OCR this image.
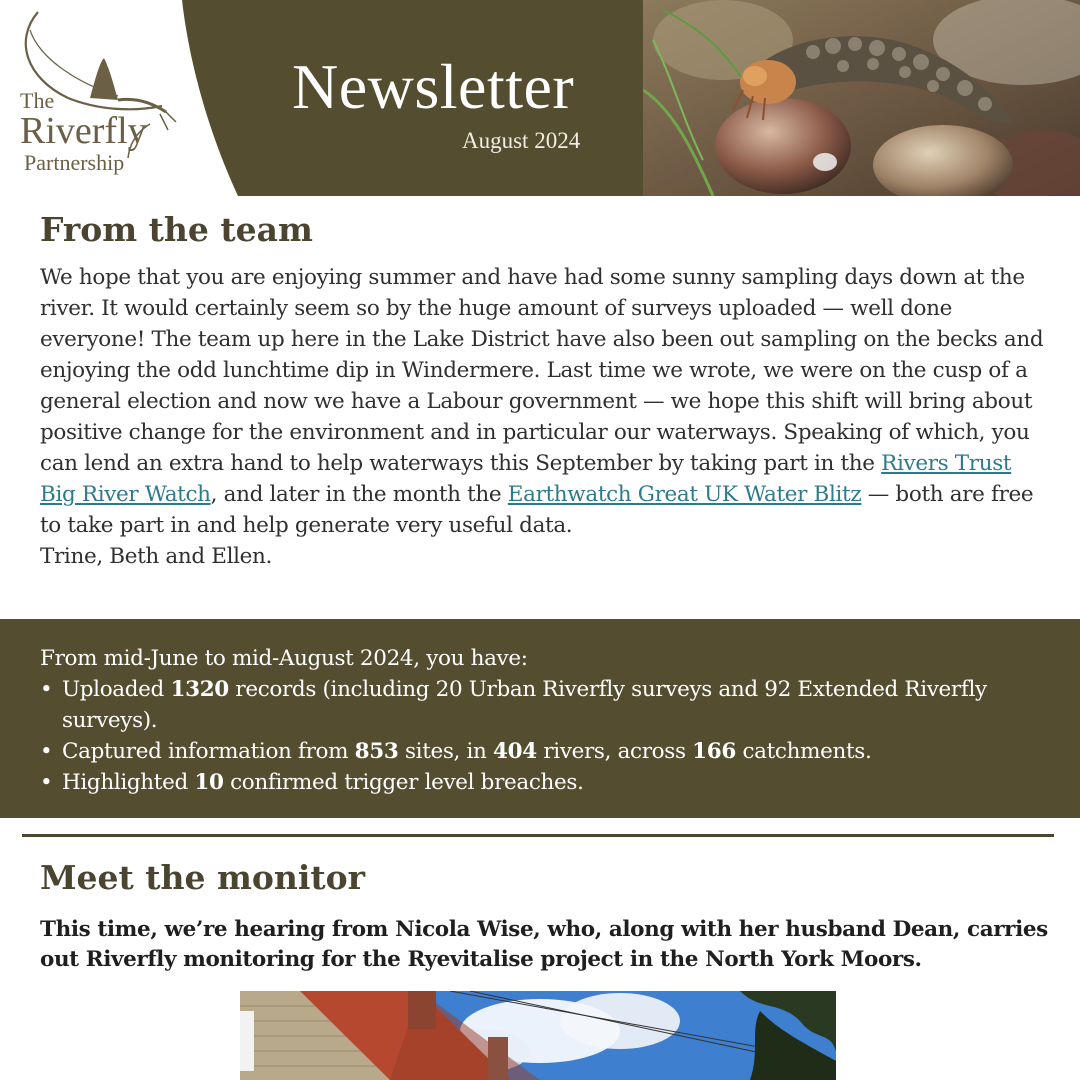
The
Riverfly
Partnership
Newsletter
August 2024
From the team
We hope that you are enjoying summer and have had some sunny sampling days down at the river. It would certainly seem so by the huge amount of surveys uploaded — well done everyone! The team up here in the Lake District have also been out sampling on the becks and enjoying the odd lunchtime dip in Windermere. Last time we wrote, we were on the cusp of a general election and now we have a Labour government — we hope this shift will bring about positive change for the environment and in particular our waterways. Speaking of which, you can lend an extra hand to help waterways this September by taking part in the Rivers Trust Big River Watch, and later in the month the Earthwatch Great UK Water Blitz — both are free to take part in and help generate very useful data.
Trine, Beth and Ellen.
From mid-June to mid-August 2024, you have:
• Uploaded 1320 records (including 20 Urban Riverfly surveys and 92 Extended Riverfly surveys).
• Captured information from 853 sites, in 404 rivers, across 166 catchments.
• Highlighted 10 confirmed trigger level breaches.
Meet the monitor
This time, we’re hearing from Nicola Wise, who, along with her husband Dean, carries out Riverfly monitoring for the Ryevitalise project in the North York Moors.
